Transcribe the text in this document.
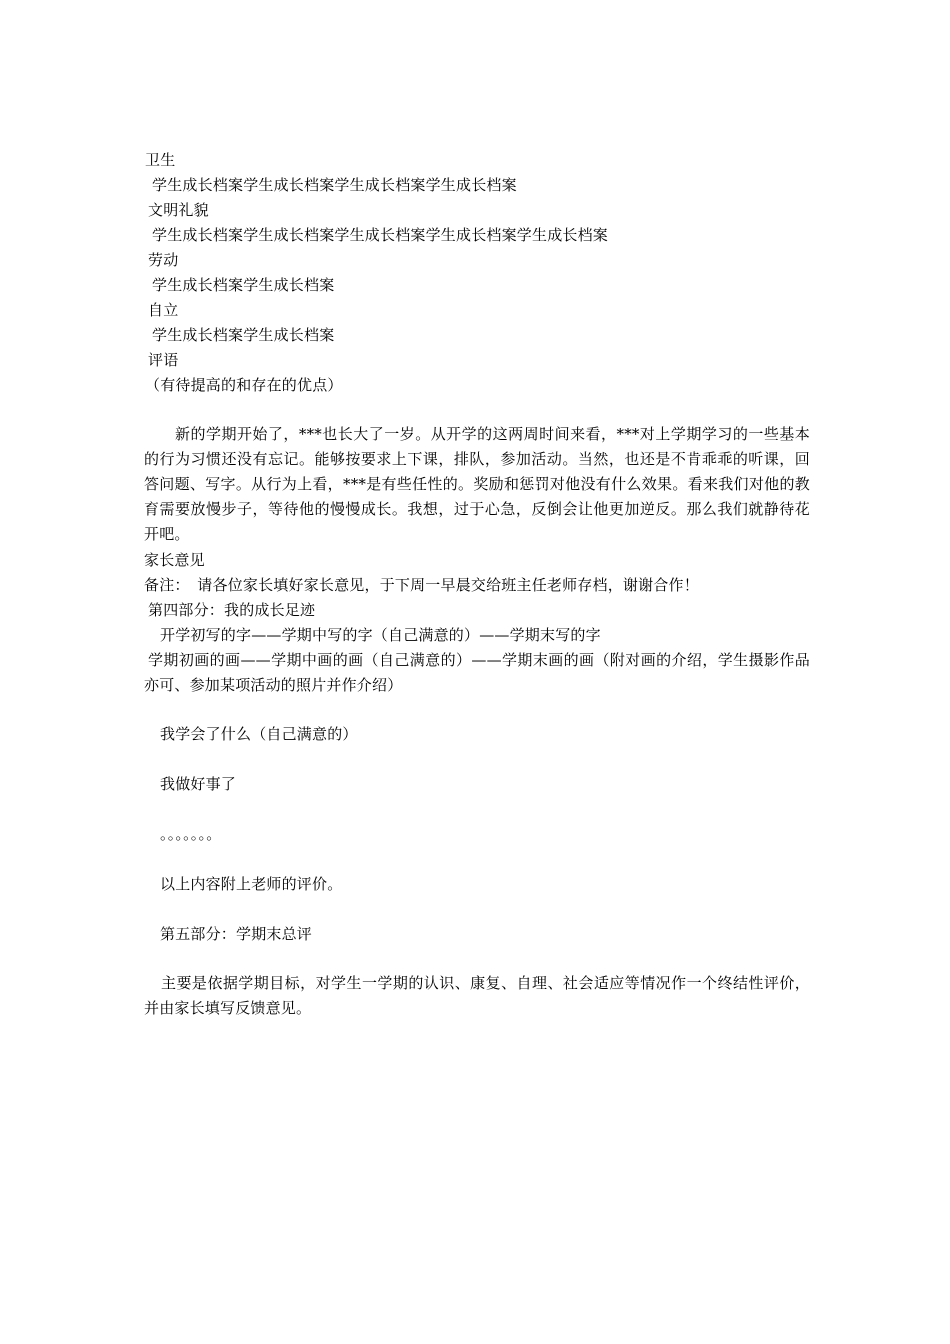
卫生
学生成长档案学生成长档案学生成长档案学生成长档案
文明礼貌
学生成长档案学生成长档案学生成长档案学生成长档案学生成长档案
劳动
学生成长档案学生成长档案
自立
学生成长档案学生成长档案
评语
（有待提高的和存在的优点）
新的学期开始了，***也长大了一岁。从开学的这两周时间来看，***对上学期学习的一些基本的行为习惯还没有忘记。能够按要求上下课，排队，参加活动。当然，也还是不肯乖乖的听课，回答问题、写字。从行为上看，***是有些任性的。奖励和惩罚对他没有什么效果。看来我们对他的教育需要放慢步子，等待他的慢慢成长。我想，过于心急，反倒会让他更加逆反。那么我们就静待花开吧。
家长意见
备注：　请各位家长填好家长意见，于下周一早晨交给班主任老师存档，谢谢合作！
第四部分：我的成长足迹
开学初写的字——学期中写的字（自己满意的）——学期末写的字
学期初画的画——学期中画的画（自己满意的）——学期末画的画（附对画的介绍，学生摄影作品亦可、参加某项活动的照片并作介绍）
我学会了什么（自己满意的）
我做好事了
。。。。。。。
以上内容附上老师的评价。
第五部分：学期末总评
主要是依据学期目标，对学生一学期的认识、康复、自理、社会适应等情况作一个终结性评价，并由家长填写反馈意见。
